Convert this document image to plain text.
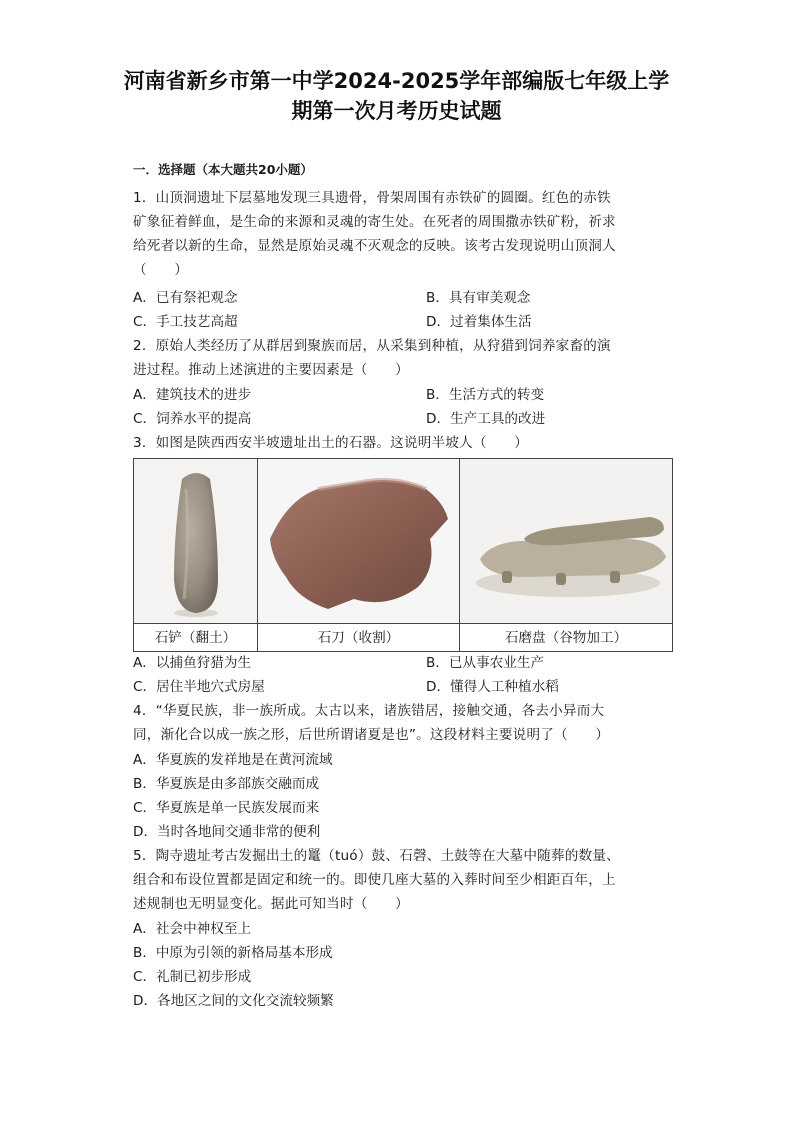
河南省新乡市第一中学2024-2025学年部编版七年级上学
期第一次月考历史试题
一．选择题（本大题共20小题）
1．山顶洞遗址下层墓地发现三具遗骨，骨架周围有赤铁矿的圆圈。红色的赤铁
矿象征着鲜血，是生命的来源和灵魂的寄生处。在死者的周围撒赤铁矿粉，祈求
给死者以新的生命，显然是原始灵魂不灭观念的反映。该考古发现说明山顶洞人
（　　）
A．已有祭祀观念	B．具有审美观念
C．手工技艺高超	D．过着集体生活
2．原始人类经历了从群居到聚族而居，从采集到种植，从狩猎到饲养家畜的演
进过程。推动上述演进的主要因素是（　　）
A．建筑技术的进步	B．生活方式的转变
C．饲养水平的提高	D．生产工具的改进
3．如图是陕西西安半坡遗址出土的石器。这说明半坡人（　　）
石铲（翻土）	石刀（收割）	石磨盘（谷物加工）
A．以捕鱼狩猎为生	B．已从事农业生产
C．居住半地穴式房屋	D．懂得人工种植水稻
4．“华夏民族，非一族所成。太古以来，诸族错居，接触交通，各去小异而大
同，渐化合以成一族之形，后世所谓诸夏是也”。这段材料主要说明了（　　）
A．华夏族的发祥地是在黄河流域
B．华夏族是由多部族交融而成
C．华夏族是单一民族发展而来
D．当时各地间交通非常的便利
5．陶寺遗址考古发掘出土的鼍（tuó）鼓、石磬、土鼓等在大墓中随葬的数量、
组合和布设位置都是固定和统一的。即使几座大墓的入葬时间至少相距百年，上
述规制也无明显变化。据此可知当时（　　）
A．社会中神权至上
B．中原为引领的新格局基本形成
C．礼制已初步形成
D．各地区之间的文化交流较频繁
